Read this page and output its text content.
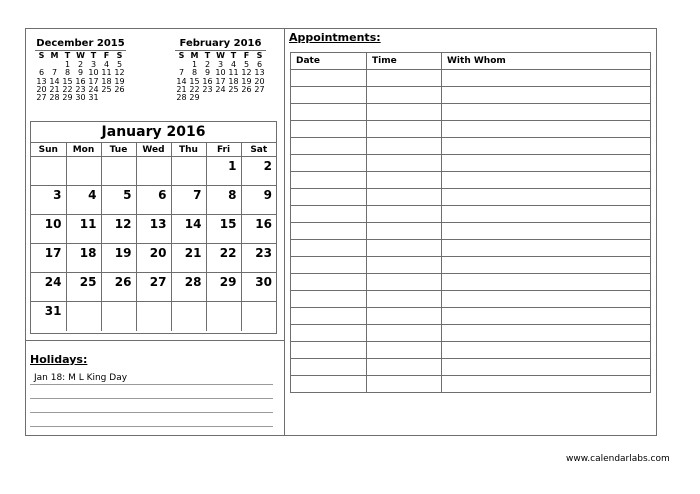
December 2015
S	M	T	W	T	F	S
		1	2	3	4	5
6	7	8	9	10	11	12
13	14	15	16	17	18	19
20	21	22	23	24	25	26
27	28	29	30	31		
February 2016
S	M	T	W	T	F	S
	1	2	3	4	5	6
7	8	9	10	11	12	13
14	15	16	17	18	19	20
21	22	23	24	25	26	27
28	29					
January 2016
Sun	Mon	Tue	Wed	Thu	Fri	Sat
					1	2
3	4	5	6	7	8	9
10	11	12	13	14	15	16
17	18	19	20	21	22	23
24	25	26	27	28	29	30
31						
Holidays:
Jan 18: M L King Day
Appointments:
Date	Time	With Whom

www.calendarlabs.com
